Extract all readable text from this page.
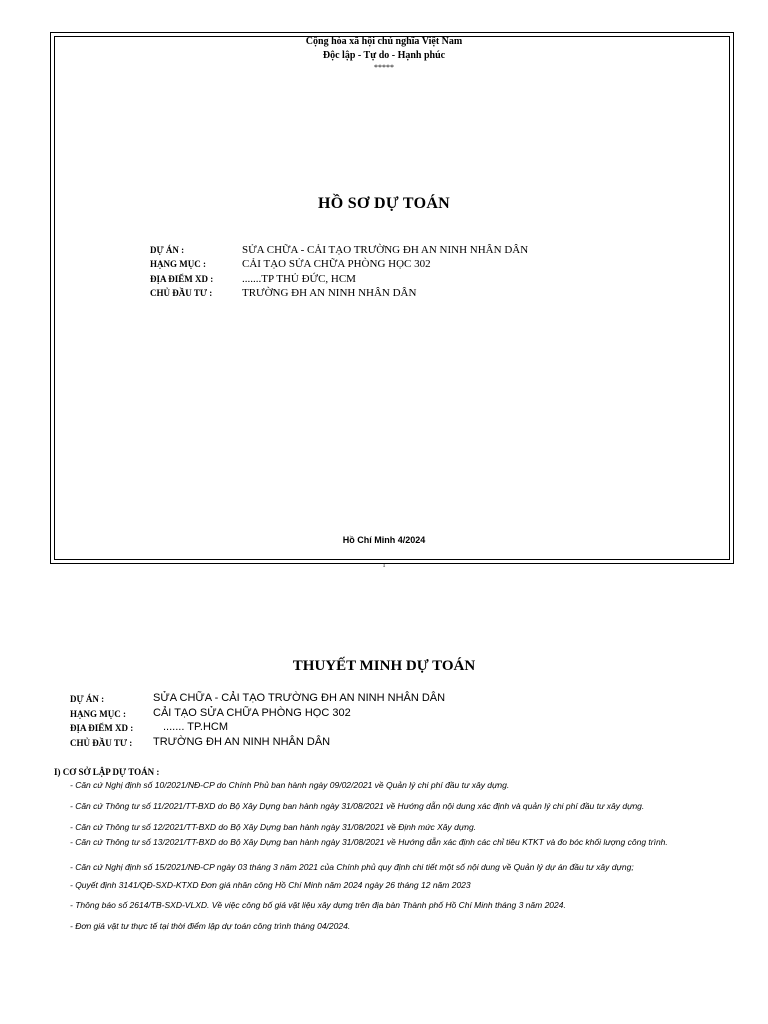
Cộng hòa xã hội chủ nghĩa Việt Nam
Độc lập - Tự do - Hạnh phúc
*****
HỒ SƠ DỰ TOÁN
DỰ ÁN :	SỬA CHỮA - CẢI TẠO TRƯỜNG ĐH AN NINH NHÂN DÂN
HẠNG MỤC :	CẢI TẠO SỬA CHỮA PHÒNG HỌC 302
ĐỊA ĐIỂM XD :	.......TP THỦ ĐỨC, HCM
CHỦ ĐẦU TƯ :	TRƯỜNG ĐH AN NINH NHÂN DÂN
Hồ Chí Minh 4/2024
1
THUYẾT MINH DỰ TOÁN
DỰ ÁN :	SỬA CHỮA - CẢI TẠO TRƯỜNG ĐH AN NINH NHÂN DÂN
HẠNG MỤC : CẢI TẠO SỬA CHỮA PHÒNG HỌC 302
ĐỊA ĐIỂM XD :	....... TP.HCM
CHỦ ĐẦU TƯ : TRƯỜNG ĐH AN NINH NHÂN DÂN
I) CƠ SỞ LẬP DỰ TOÁN :
- Căn cứ Nghị định số 10/2021/NĐ-CP do Chính Phủ ban hành ngày 09/02/2021 về Quản lý chi phí đầu tư xây dựng.
- Căn cứ Thông tư số 11/2021/TT-BXD do Bộ Xây Dựng ban hành ngày 31/08/2021 về Hướng dẫn nội dung xác định và quản lý chi phí đầu tư xây dựng.
- Căn cứ Thông tư số 12/2021/TT-BXD do Bộ Xây Dựng ban hành ngày 31/08/2021 về Định mức Xây dựng.
- Căn cứ Thông tư số 13/2021/TT-BXD do Bộ Xây Dựng ban hành ngày 31/08/2021 về Hướng dẫn xác định các chỉ tiêu KTKT và đo bóc khối lượng công trình.
- Căn cứ Nghị định số 15/2021/NĐ-CP ngày 03 tháng 3 năm 2021 của Chính phủ quy định chi tiết một số nội dung về Quản lý dự án đầu tư xây dựng;
- Quyết định 3141/QĐ-SXD-KTXD Đơn giá nhân công Hồ Chí Minh năm 2024 ngày 26 tháng 12 năm 2023
- Thông báo số 2614/TB-SXD-VLXD. Về việc công bố giá vật liệu xây dựng trên địa bàn Thành phố Hồ Chí Minh tháng 3 năm 2024.
- Đơn giá vật tư thực tế tại thời điểm lập dự toán công trình tháng 04/2024.
